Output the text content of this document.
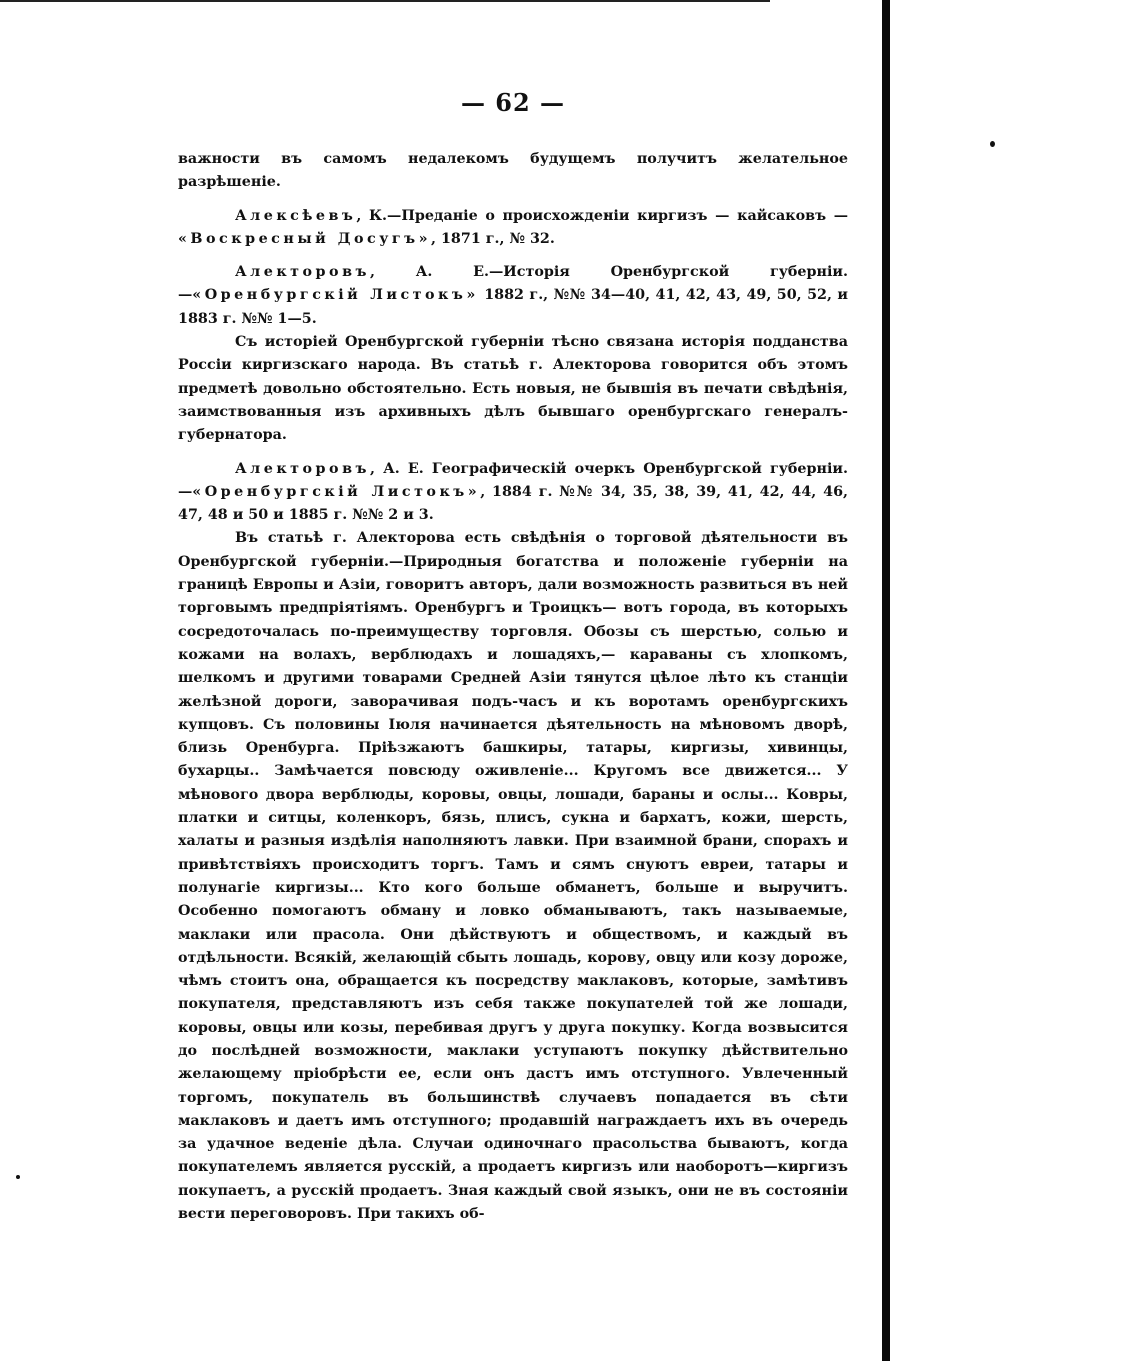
— 62 —

важности въ самомъ недалекомъ будущемъ получитъ желательное разрѣшеніе.

Алексѣевъ, К.—Преданіе о происхожденіи киргизъ — кайсаковъ — «Воскресный Досугъ», 1871 г., № 32.

Алекторовъ, А. Е.—Исторія Оренбургской губерніи. —«Оренбургскій Листокъ» 1882 г., №№ 34—40, 41, 42, 43, 49, 50, 52, и 1883 г. №№ 1—5.

Съ исторіей Оренбургской губерніи тѣсно связана исторія подданства Россіи киргизскаго народа. Въ статьѣ г. Алекторова говорится объ этомъ предметѣ довольно обстоятельно. Есть новыя, не бывшія въ печати свѣдѣнія, заимствованныя изъ архивныхъ дѣлъ бывшаго оренбургскаго генералъ-губернатора.

Алекторовъ, А. Е. Географическій очеркъ Оренбургской губерніи. —«Оренбургскій Листокъ», 1884 г. №№ 34, 35, 38, 39, 41, 42, 44, 46, 47, 48 и 50 и 1885 г. №№ 2 и 3.

Въ статьѣ г. Алекторова есть свѣдѣнія о торговой дѣятельности въ Оренбургской губерніи.—Природныя богатства и положеніе губерніи на границѣ Европы и Азіи, говоритъ авторъ, дали возможность развиться въ ней торговымъ предпріятіямъ. Оренбургъ и Троицкъ— вотъ города, въ которыхъ сосредоточалась по-преимуществу торговля. Обозы съ шерстью, солью и кожами на волахъ, верблюдахъ и лошадяхъ,— караваны съ хлопкомъ, шелкомъ и другими товарами Средней Азіи тянутся цѣлое лѣто къ станціи желѣзной дороги, заворачивая подъ-часъ и къ воротамъ оренбургскихъ купцовъ. Съ половины Іюля начинается дѣятельность на мѣновомъ дворѣ, близь Оренбурга. Пріѣзжаютъ башкиры, татары, киргизы, хивинцы, бухарцы.. Замѣчается повсюду оживленіе... Кругомъ все движется... У мѣнового двора верблюды, коровы, овцы, лошади, бараны и ослы... Ковры, платки и ситцы, коленкоръ, бязь, плисъ, сукна и бархатъ, кожи, шерсть, халаты и разныя издѣлія наполняютъ лавки. При взаимной брани, спорахъ и привѣтствіяхъ происходитъ торгъ. Тамъ и сямъ снуютъ евреи, татары и полунагіе киргизы... Кто кого больше обманетъ, больше и выручитъ. Особенно помогаютъ обману и ловко обманываютъ, такъ называемые, маклаки или прасола. Они дѣйствуютъ и обществомъ, и каждый въ отдѣльности. Всякій, желающій сбыть лошадь, корову, овцу или козу дороже, чѣмъ стоитъ она, обращается къ посредству маклаковъ, которые, замѣтивъ покупателя, представляютъ изъ себя также покупателей той же лошади, коровы, овцы или козы, перебивая другъ у друга покупку. Когда возвысится до послѣдней возможности, маклаки уступаютъ покупку дѣйствительно желающему пріобрѣсти ее, если онъ дастъ имъ отступного. Увлеченный торгомъ, покупатель въ большинствѣ случаевъ попадается въ сѣти маклаковъ и даетъ имъ отступного; продавшій награждаетъ ихъ въ очередь за удачное веденіе дѣла. Случаи одиночнаго прасольства бываютъ, когда покупателемъ является русскій, а продаетъ киргизъ или наоборотъ—киргизъ покупаетъ, а русскій продаетъ. Зная каждый свой языкъ, они не въ состояніи вести переговоровъ. При такихъ об-
